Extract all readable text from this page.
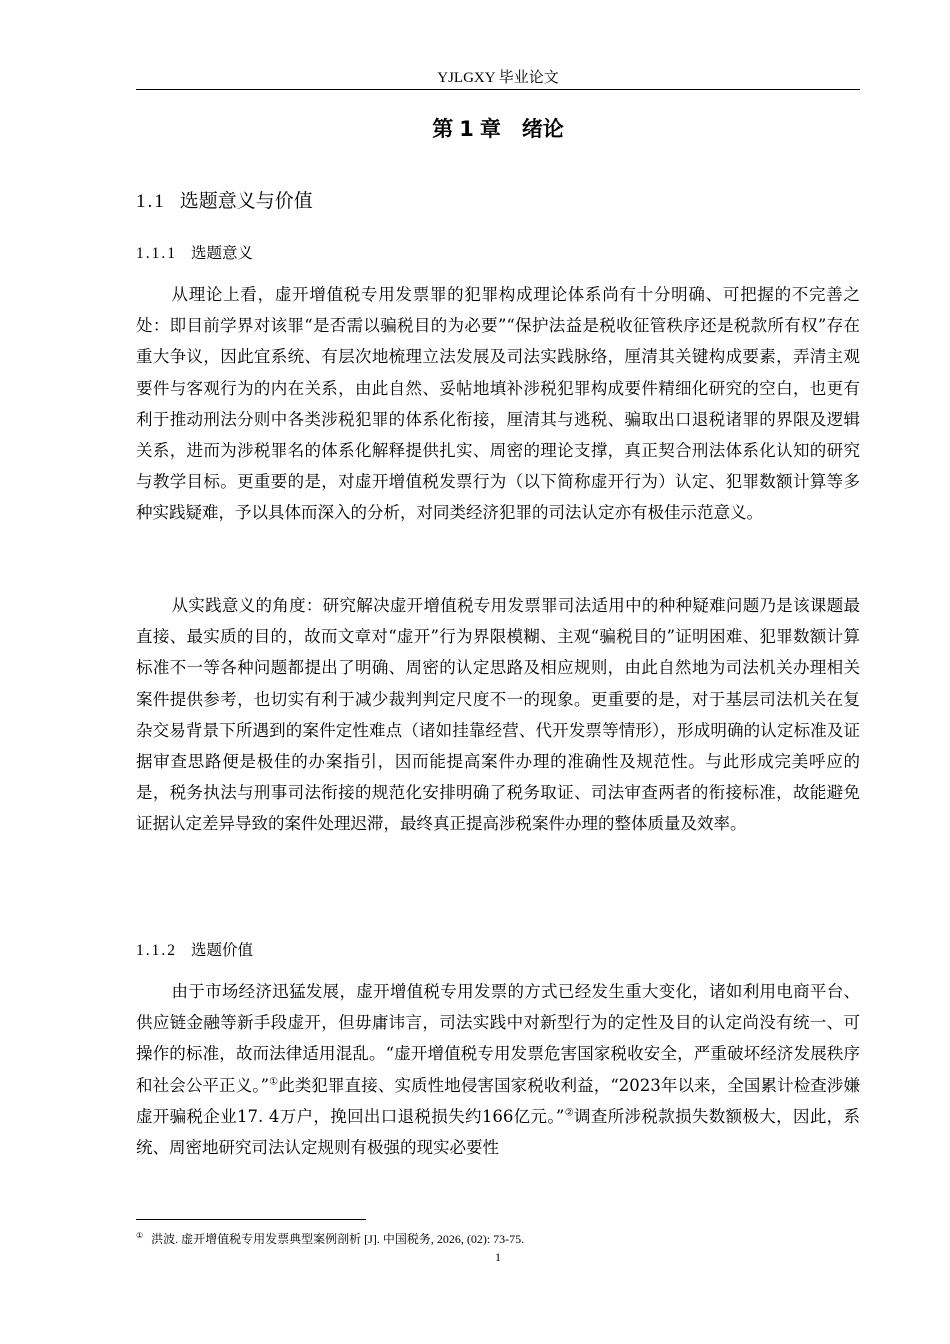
YJLGXY 毕业论文
第 1 章  绪论
1.1 选题意义与价值
1.1.1 选题意义

从理论上看，虚开增值税专用发票罪的犯罪构成理论体系尚有十分明确、可把握的不完善之处：即目前学界对该罪“是否需以骗税目的为必要”“保护法益是税收征管秩序还是税款所有权”存在重大争议，因此宜系统、有层次地梳理立法发展及司法实践脉络，厘清其关键构成要素，弄清主观要件与客观行为的内在关系，由此自然、妥帖地填补涉税犯罪构成要件精细化研究的空白，也更有利于推动刑法分则中各类涉税犯罪的体系化衔接，厘清其与逃税、骗取出口退税诸罪的界限及逻辑关系，进而为涉税罪名的体系化解释提供扎实、周密的理论支撑，真正契合刑法体系化认知的研究与教学目标。更重要的是，对虚开增值税发票行为（以下简称虚开行为）认定、犯罪数额计算等多种实践疑难，予以具体而深入的分析，对同类经济犯罪的司法认定亦有极佳示范意义。

从实践意义的角度：研究解决虚开增值税专用发票罪司法适用中的种种疑难问题乃是该课题最直接、最实质的目的，故而文章对“虚开”行为界限模糊、主观“骗税目的”证明困难、犯罪数额计算标准不一等各种问题都提出了明确、周密的认定思路及相应规则，由此自然地为司法机关办理相关案件提供参考，也切实有利于减少裁判判定尺度不一的现象。更重要的是，对于基层司法机关在复杂交易背景下所遇到的案件定性难点（诸如挂靠经营、代开发票等情形），形成明确的认定标准及证据审查思路便是极佳的办案指引，因而能提高案件办理的准确性及规范性。与此形成完美呼应的是，税务执法与刑事司法衔接的规范化安排明确了税务取证、司法审查两者的衔接标准，故能避免证据认定差异导致的案件处理迟滞，最终真正提高涉税案件办理的整体质量及效率。

1.1.2 选题价值

由于市场经济迅猛发展，虚开增值税专用发票的方式已经发生重大变化，诸如利用电商平台、供应链金融等新手段虚开，但毋庸讳言，司法实践中对新型行为的定性及目的认定尚没有统一、可操作的标准，故而法律适用混乱。“虚开增值税专用发票危害国家税收安全，严重破坏经济发展秩序和社会公平正义。”①此类犯罪直接、实质性地侵害国家税收利益，“2023年以来，全国累计检查涉嫌虚开骗税企业17. 4万户，挽回出口退税损失约166亿元。”②调查所涉税款损失数额极大，因此，系统、周密地研究司法认定规则有极强的现实必要性

① 洪波. 虚开增值税专用发票典型案例剖析 [J]. 中国税务, 2026, (02): 73-75.
1
